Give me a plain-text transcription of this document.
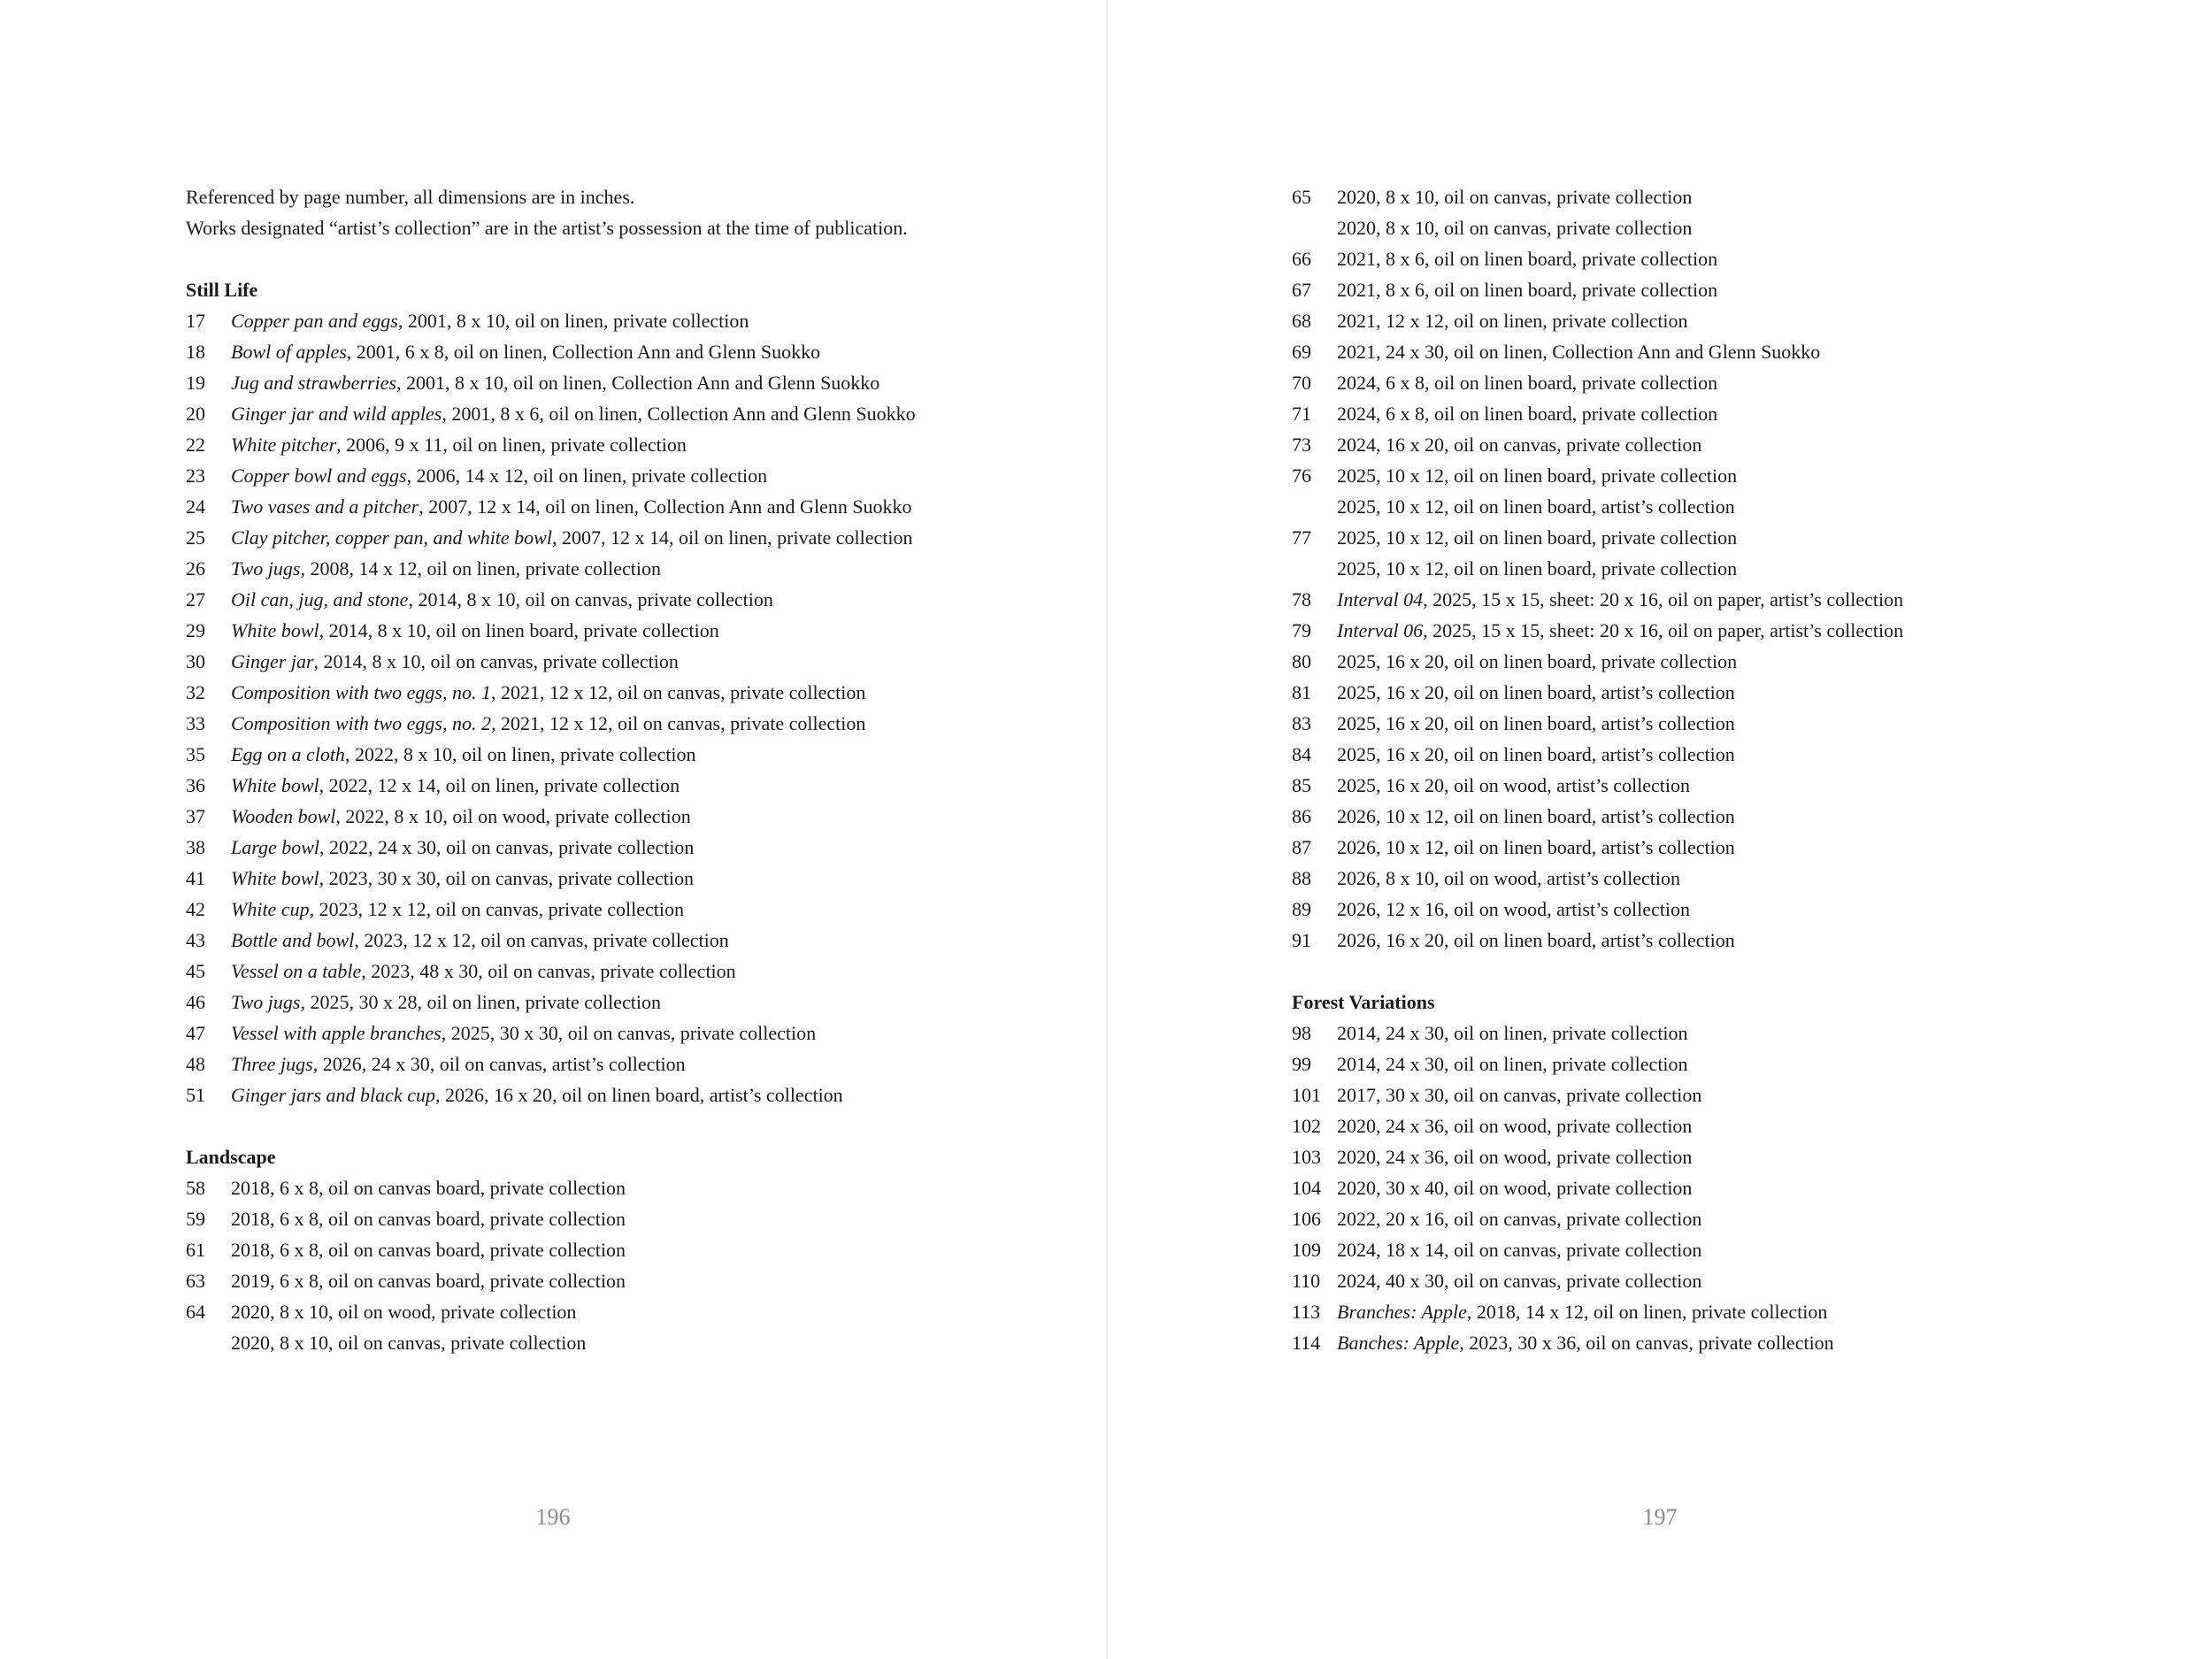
Referenced by page number, all dimensions are in inches.
Works designated “artist’s collection” are in the artist’s possession at the time of publication.
Still Life
17	Copper pan and eggs, 2001, 8 x 10, oil on linen, private collection
18	Bowl of apples, 2001, 6 x 8, oil on linen, Collection Ann and Glenn Suokko
19	Jug and strawberries, 2001, 8 x 10, oil on linen, Collection Ann and Glenn Suokko
20	Ginger jar and wild apples, 2001, 8 x 6, oil on linen, Collection Ann and Glenn Suokko
22	White pitcher, 2006, 9 x 11, oil on linen, private collection
23	Copper bowl and eggs, 2006, 14 x 12, oil on linen, private collection
24	Two vases and a pitcher, 2007, 12 x 14, oil on linen, Collection Ann and Glenn Suokko
25	Clay pitcher, copper pan, and white bowl, 2007, 12 x 14, oil on linen, private collection
26	Two jugs, 2008, 14 x 12, oil on linen, private collection
27	Oil can, jug, and stone, 2014, 8 x 10, oil on canvas, private collection
29	White bowl, 2014, 8 x 10, oil on linen board, private collection
30	Ginger jar, 2014, 8 x 10, oil on canvas, private collection
32	Composition with two eggs, no. 1, 2021, 12 x 12, oil on canvas, private collection
33	Composition with two eggs, no. 2, 2021, 12 x 12, oil on canvas, private collection
35	Egg on a cloth, 2022, 8 x 10, oil on linen, private collection
36	White bowl, 2022, 12 x 14, oil on linen, private collection
37	Wooden bowl, 2022, 8 x 10, oil on wood, private collection
38	Large bowl, 2022, 24 x 30, oil on canvas, private collection
41	White bowl, 2023, 30 x 30, oil on canvas, private collection
42	White cup, 2023, 12 x 12, oil on canvas, private collection
43	Bottle and bowl, 2023, 12 x 12, oil on canvas, private collection
45	Vessel on a table, 2023, 48 x 30, oil on canvas, private collection
46	Two jugs, 2025, 30 x 28, oil on linen, private collection
47	Vessel with apple branches, 2025, 30 x 30, oil on canvas, private collection
48	Three jugs, 2026, 24 x 30, oil on canvas, artist’s collection
51	Ginger jars and black cup, 2026, 16 x 20, oil on linen board, artist’s collection
Landscape
58	2018, 6 x 8, oil on canvas board, private collection
59	2018, 6 x 8, oil on canvas board, private collection
61	2018, 6 x 8, oil on canvas board, private collection
63	2019, 6 x 8, oil on canvas board, private collection
64	2020, 8 x 10, oil on wood, private collection
2020, 8 x 10, oil on canvas, private collection
196
65	2020, 8 x 10, oil on canvas, private collection
2020, 8 x 10, oil on canvas, private collection
66	2021, 8 x 6, oil on linen board, private collection
67	2021, 8 x 6, oil on linen board, private collection
68	2021, 12 x 12, oil on linen, private collection
69	2021, 24 x 30, oil on linen, Collection Ann and Glenn Suokko
70	2024, 6 x 8, oil on linen board, private collection
71	2024, 6 x 8, oil on linen board, private collection
73	2024, 16 x 20, oil on canvas, private collection
76	2025, 10 x 12, oil on linen board, private collection
2025, 10 x 12, oil on linen board, artist’s collection
77	2025, 10 x 12, oil on linen board, private collection
2025, 10 x 12, oil on linen board, private collection
78	Interval 04, 2025, 15 x 15, sheet: 20 x 16, oil on paper, artist’s collection
79	Interval 06, 2025, 15 x 15, sheet: 20 x 16, oil on paper, artist’s collection
80	2025, 16 x 20, oil on linen board, private collection
81	2025, 16 x 20, oil on linen board, artist’s collection
83	2025, 16 x 20, oil on linen board, artist’s collection
84	2025, 16 x 20, oil on linen board, artist’s collection
85	2025, 16 x 20, oil on wood, artist’s collection
86	2026, 10 x 12, oil on linen board, artist’s collection
87	2026, 10 x 12, oil on linen board, artist’s collection
88	2026, 8 x 10, oil on wood, artist’s collection
89	2026, 12 x 16, oil on wood, artist’s collection
91	2026, 16 x 20, oil on linen board, artist’s collection
Forest Variations
98	2014, 24 x 30, oil on linen, private collection
99	2014, 24 x 30, oil on linen, private collection
101 2017, 30 x 30, oil on canvas, private collection
102 2020, 24 x 36, oil on wood, private collection
103 2020, 24 x 36, oil on wood, private collection
104 2020, 30 x 40, oil on wood, private collection
106 2022, 20 x 16, oil on canvas, private collection
109 2024, 18 x 14, oil on canvas, private collection
110 2024, 40 x 30, oil on canvas, private collection
113 Branches: Apple, 2018, 14 x 12, oil on linen, private collection
114 Banches: Apple, 2023, 30 x 36, oil on canvas, private collection
197
